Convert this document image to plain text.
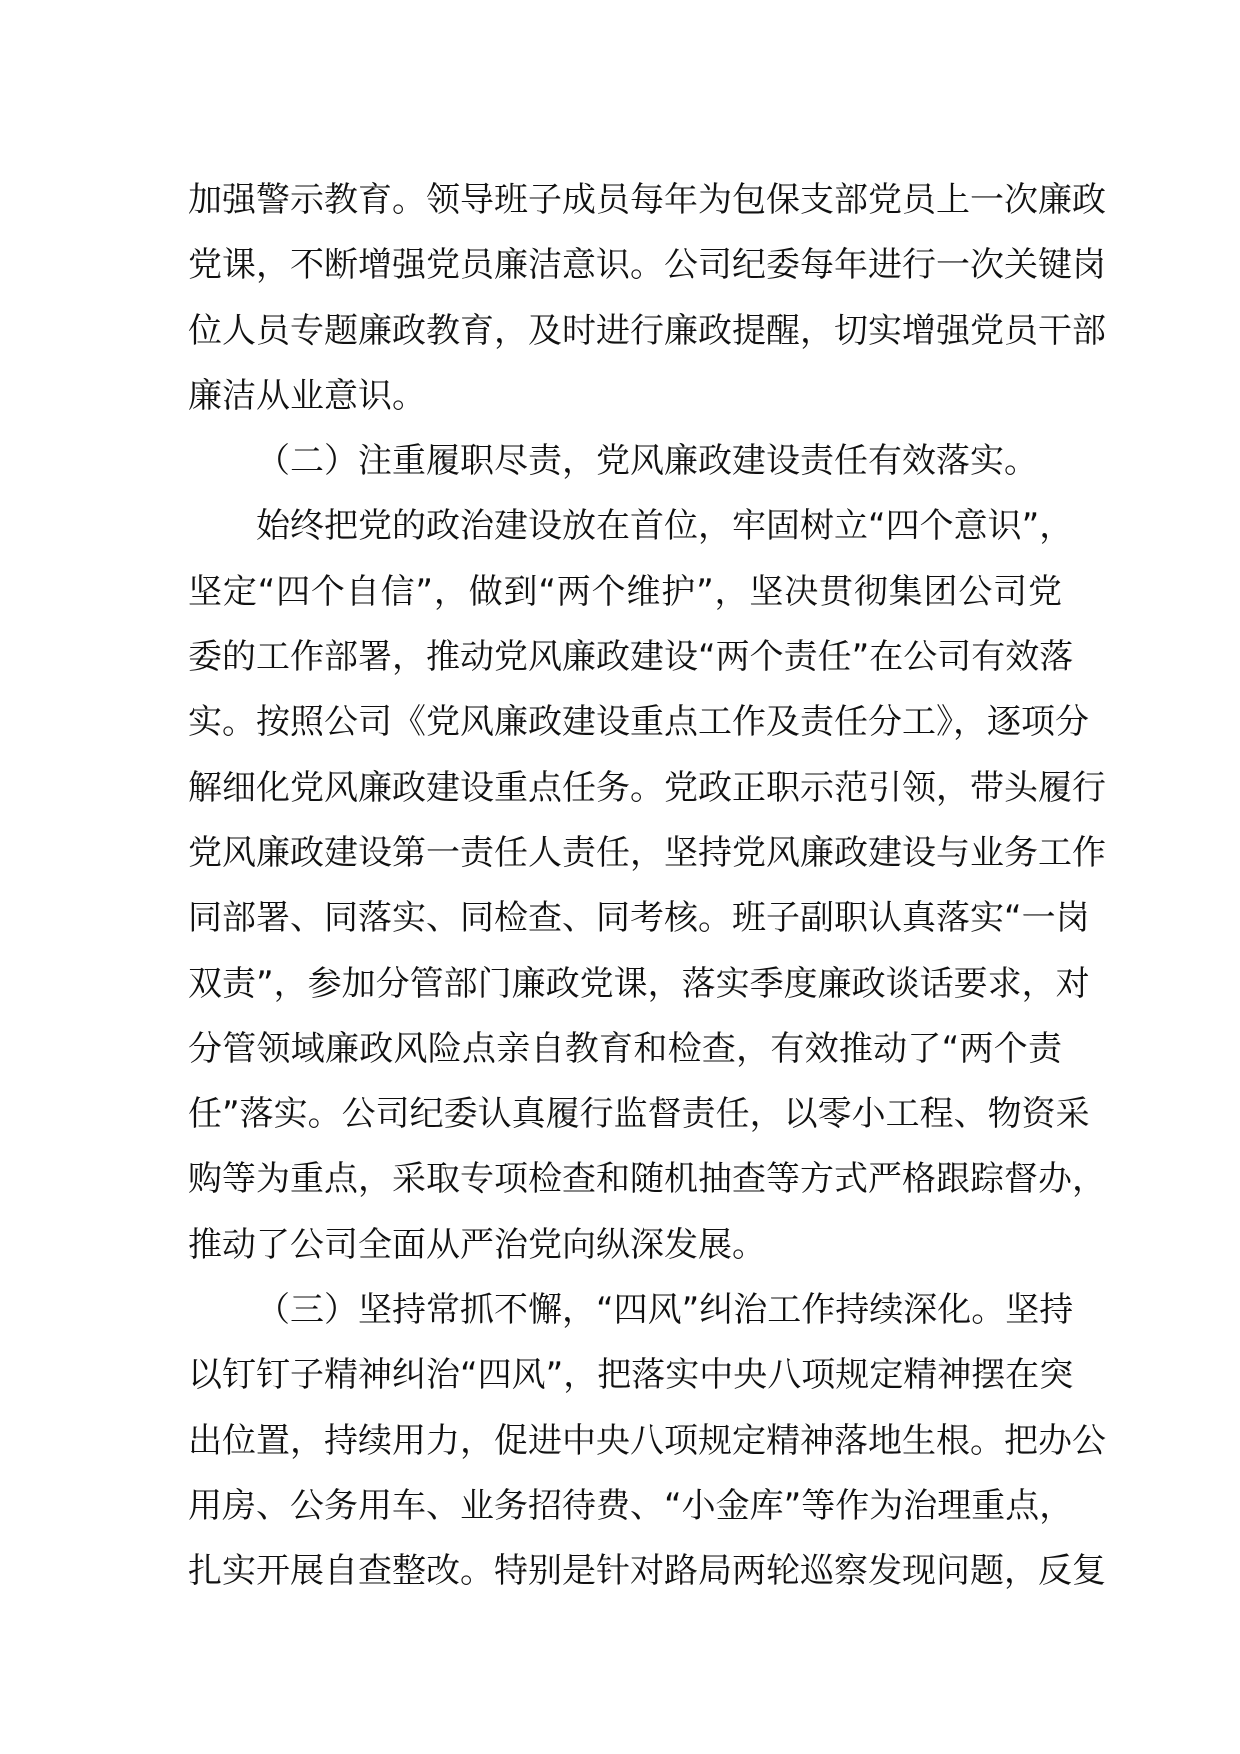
加强警示教育。领导班子成员每年为包保支部党员上一次廉政
党课，不断增强党员廉洁意识。公司纪委每年进行一次关键岗
位人员专题廉政教育，及时进行廉政提醒，切实增强党员干部
廉洁从业意识。
（二）注重履职尽责，党风廉政建设责任有效落实。
始终把党的政治建设放在首位，牢固树立“四个意识”，
坚定“四个自信”，做到“两个维护”，坚决贯彻集团公司党
委的工作部署，推动党风廉政建设“两个责任”在公司有效落
实。按照公司《党风廉政建设重点工作及责任分工》，逐项分
解细化党风廉政建设重点任务。党政正职示范引领，带头履行
党风廉政建设第一责任人责任，坚持党风廉政建设与业务工作
同部署、同落实、同检查、同考核。班子副职认真落实“一岗
双责”，参加分管部门廉政党课，落实季度廉政谈话要求，对
分管领域廉政风险点亲自教育和检查，有效推动了“两个责
任”落实。公司纪委认真履行监督责任，以零小工程、物资采
购等为重点，采取专项检查和随机抽查等方式严格跟踪督办，
推动了公司全面从严治党向纵深发展。
（三）坚持常抓不懈，“四风”纠治工作持续深化。坚持
以钉钉子精神纠治“四风”，把落实中央八项规定精神摆在突
出位置，持续用力，促进中央八项规定精神落地生根。把办公
用房、公务用车、业务招待费、“小金库”等作为治理重点，
扎实开展自查整改。特别是针对路局两轮巡察发现问题，反复
